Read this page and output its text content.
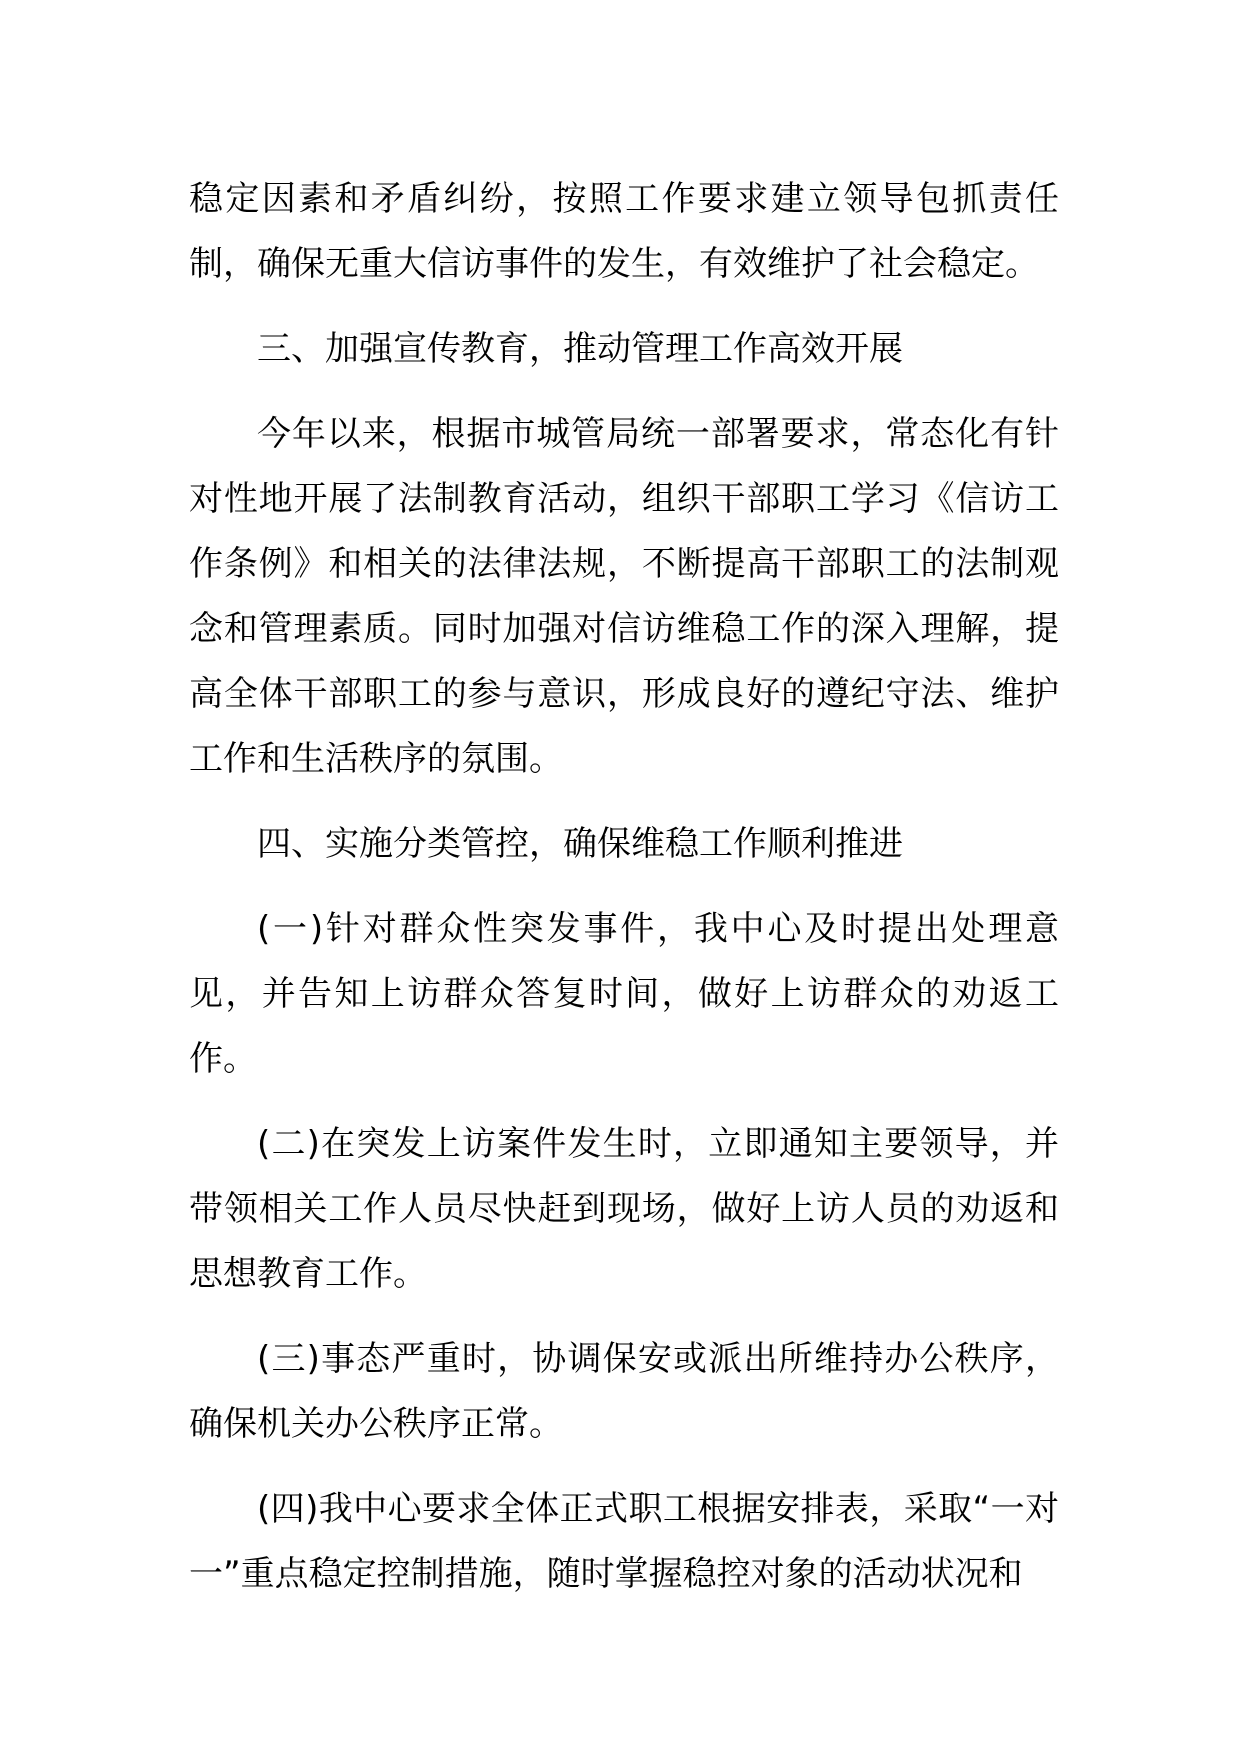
稳定因素和矛盾纠纷，按照工作要求建立领导包抓责任制，确保无重大信访事件的发生，有效维护了社会稳定。

三、加强宣传教育，推动管理工作高效开展

今年以来，根据市城管局统一部署要求，常态化有针对性地开展了法制教育活动，组织干部职工学习《信访工作条例》和相关的法律法规，不断提高干部职工的法制观念和管理素质。同时加强对信访维稳工作的深入理解，提高全体干部职工的参与意识，形成良好的遵纪守法、维护工作和生活秩序的氛围。

四、实施分类管控，确保维稳工作顺利推进

(一)针对群众性突发事件，我中心及时提出处理意见，并告知上访群众答复时间，做好上访群众的劝返工作。

(二)在突发上访案件发生时，立即通知主要领导，并带领相关工作人员尽快赶到现场，做好上访人员的劝返和思想教育工作。

(三)事态严重时，协调保安或派出所维持办公秩序，确保机关办公秩序正常。

(四)我中心要求全体正式职工根据安排表，采取“一对一”重点稳定控制措施，随时掌握稳控对象的活动状况和
